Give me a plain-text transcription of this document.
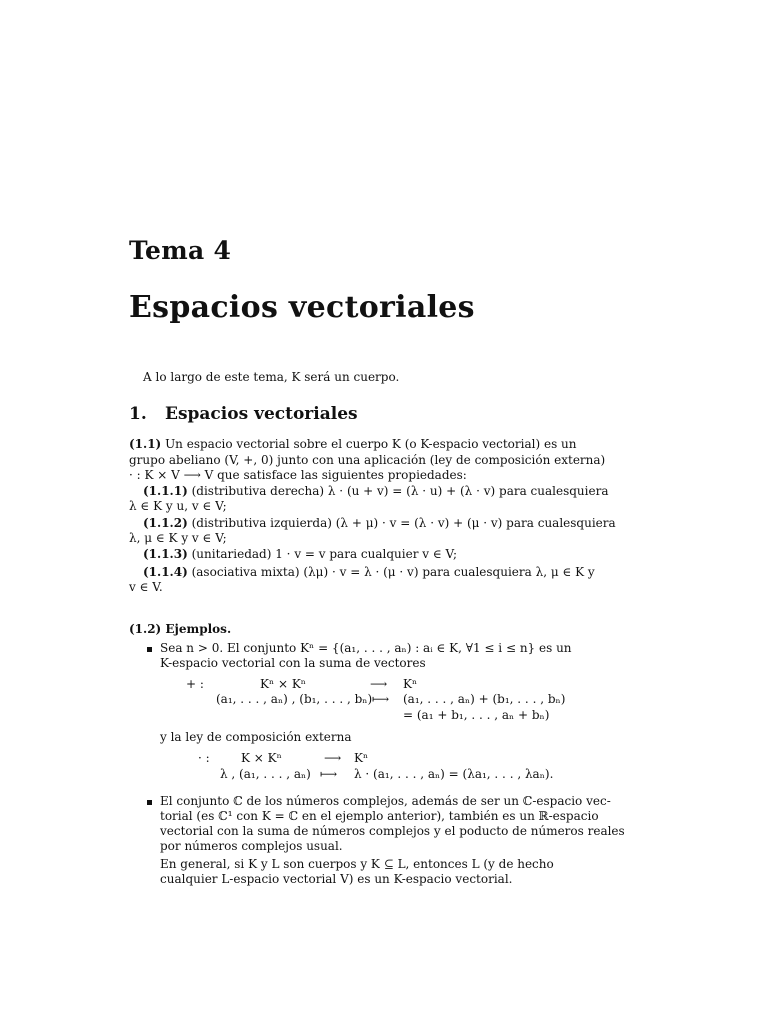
Tema 4
Espacios vectoriales
A lo largo de este tema, K será un cuerpo.
1. Espacios vectoriales
(1.1) Un espacio vectorial sobre el cuerpo K (o K-espacio vectorial) es un
grupo abeliano (V, +, 0) junto con una aplicación (ley de composición externa)
· : K × V ⟶ V que satisface las siguientes propiedades:
(1.1.1) (distributiva derecha) λ · (u + v) = (λ · u) + (λ · v) para cualesquiera
λ ∈ K y u, v ∈ V;
(1.1.2) (distributiva izquierda) (λ + μ) · v = (λ · v) + (μ · v) para cualesquiera
λ, μ ∈ K y v ∈ V;
(1.1.3) (unitariedad) 1 · v = v para cualquier v ∈ V;
(1.1.4) (asociativa mixta) (λμ) · v = λ · (μ · v) para cualesquiera λ, μ ∈ K y
v ∈ V.
(1.2) Ejemplos.
Sea n > 0. El conjunto Kⁿ = {(a₁, . . . , aₙ) : aᵢ ∈ K, ∀1 ≤ i ≤ n} es un
K-espacio vectorial con la suma de vectores
+ :	Kⁿ × Kⁿ	⟶ Kⁿ
(a₁, . . . , aₙ) , (b₁, . . . , bₙ) ⟼ (a₁, . . . , aₙ) + (b₁, . . . , bₙ)
= (a₁ + b₁, . . . , aₙ + bₙ)
y la ley de composición externa
· :	K × Kⁿ	⟶ Kⁿ
λ , (a₁, . . . , aₙ) ⟼ λ · (a₁, . . . , aₙ) = (λa₁, . . . , λaₙ).
El conjunto ℂ de los números complejos, además de ser un ℂ-espacio vec-
torial (es ℂ¹ con K = ℂ en el ejemplo anterior), también es un ℝ-espacio
vectorial con la suma de números complejos y el poducto de números reales
por números complejos usual.
En general, si K y L son cuerpos y K ⊆ L, entonces L (y de hecho
cualquier L-espacio vectorial V) es un K-espacio vectorial.
